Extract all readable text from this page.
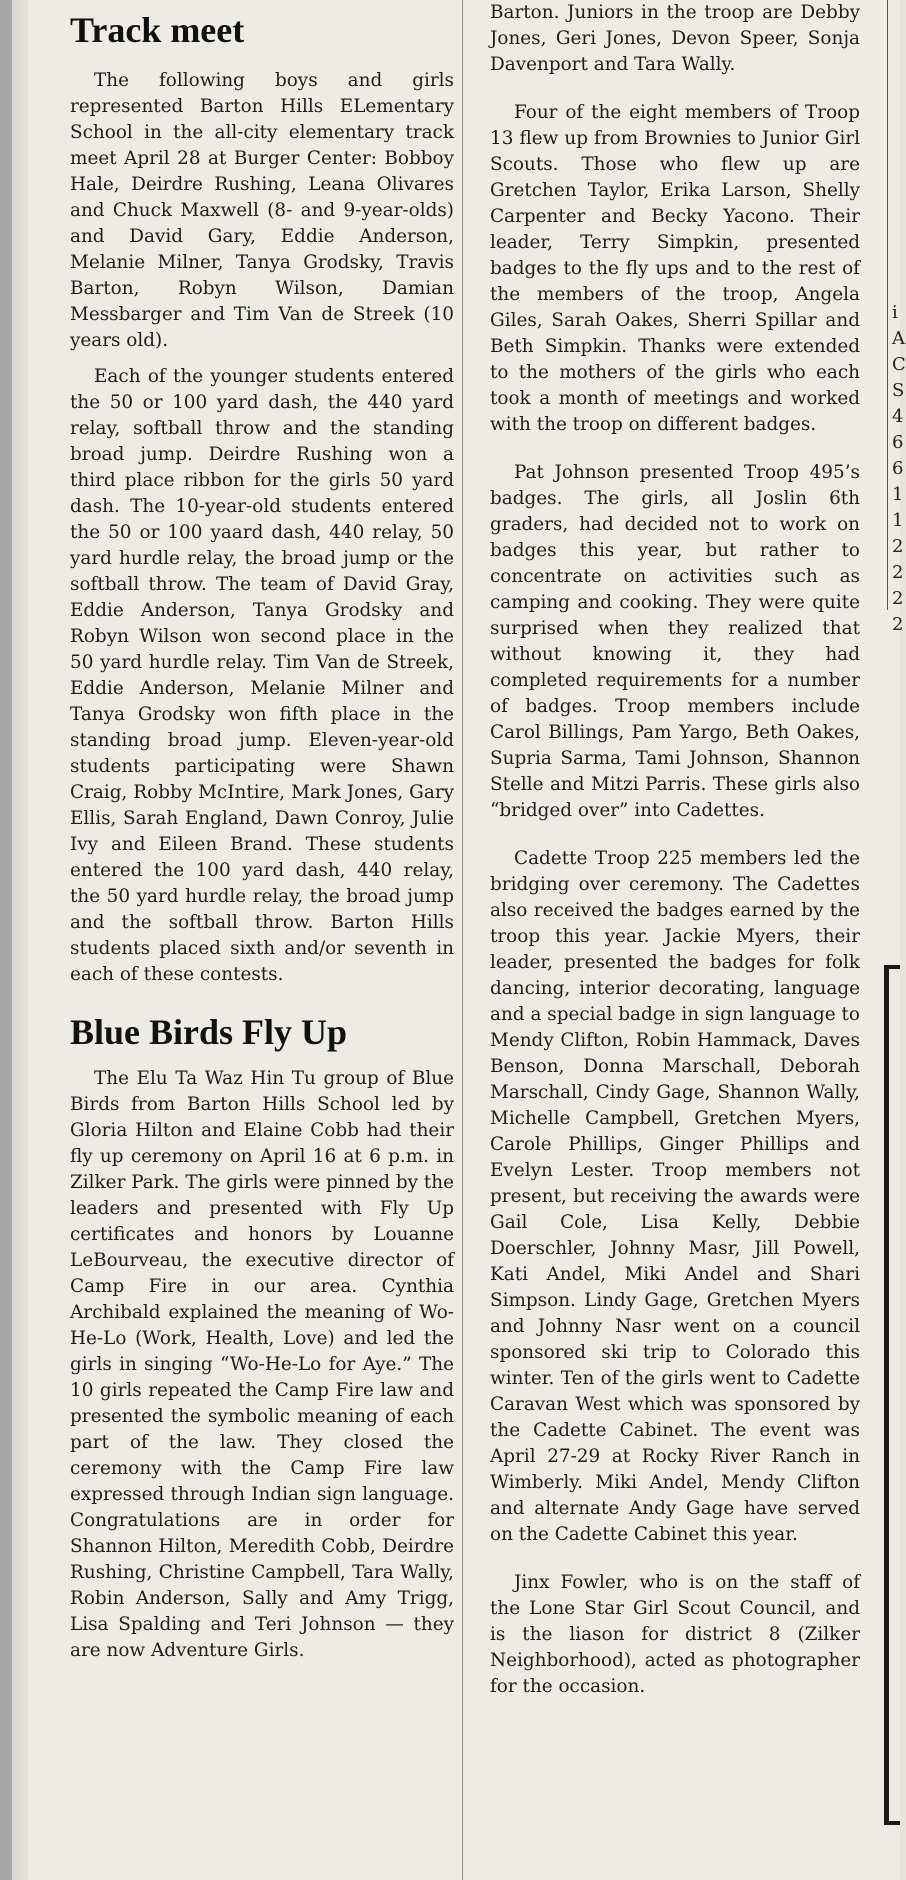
i A C S 4 6 6 1 1 2 2 2 2
Track meet

The following boys and girls represented Barton Hills ELementary School in the all-city elementary track meet April 28 at Burger Center: Bobboy Hale, Deirdre Rushing, Leana Olivares and Chuck Maxwell (8- and 9-year-olds) and David Gary, Eddie Anderson, Melanie Milner, Tanya Grodsky, Travis Barton, Robyn Wilson, Damian Messbarger and Tim Van de Streek (10 years old).

Each of the younger students entered the 50 or 100 yard dash, the 440 yard relay, softball throw and the standing broad jump. Deirdre Rushing won a third place ribbon for the girls 50 yard dash. The 10-year-old students entered the 50 or 100 yaard dash, 440 relay, 50 yard hurdle relay, the broad jump or the softball throw. The team of David Gray, Eddie Anderson, Tanya Grodsky and Robyn Wilson won second place in the 50 yard hurdle relay. Tim Van de Streek, Eddie Anderson, Melanie Milner and Tanya Grodsky won fifth place in the standing broad jump. Eleven-year-old students participating were Shawn Craig, Robby McIntire, Mark Jones, Gary Ellis, Sarah England, Dawn Conroy, Julie Ivy and Eileen Brand. These students entered the 100 yard dash, 440 relay, the 50 yard hurdle relay, the broad jump and the softball throw. Barton Hills students placed sixth and/or seventh in each of these contests.

Blue Birds Fly Up

The Elu Ta Waz Hin Tu group of Blue Birds from Barton Hills School led by Gloria Hilton and Elaine Cobb had their fly up ceremony on April 16 at 6 p.m. in Zilker Park. The girls were pinned by the leaders and presented with Fly Up certificates and honors by Louanne LeBourveau, the executive director of Camp Fire in our area. Cynthia Archibald explained the meaning of Wo-He-Lo (Work, Health, Love) and led the girls in singing “Wo-He-Lo for Aye.” The 10 girls repeated the Camp Fire law and presented the symbolic meaning of each part of the law. They closed the ceremony with the Camp Fire law expressed through Indian sign language. Congratulations are in order for Shannon Hilton, Meredith Cobb, Deirdre Rushing, Christine Campbell, Tara Wally, Robin Anderson, Sally and Amy Trigg, Lisa Spalding and Teri Johnson — they are now Adventure Girls.

Barton. Juniors in the troop are Debby Jones, Geri Jones, Devon Speer, Sonja Davenport and Tara Wally.

Four of the eight members of Troop 13 flew up from Brownies to Junior Girl Scouts. Those who flew up are Gretchen Taylor, Erika Larson, Shelly Carpenter and Becky Yacono. Their leader, Terry Simpkin, presented badges to the fly ups and to the rest of the members of the troop, Angela Giles, Sarah Oakes, Sherri Spillar and Beth Simpkin. Thanks were extended to the mothers of the girls who each took a month of meetings and worked with the troop on different badges.

Pat Johnson presented Troop 495’s badges. The girls, all Joslin 6th graders, had decided not to work on badges this year, but rather to concentrate on activities such as camping and cooking. They were quite surprised when they realized that without knowing it, they had completed requirements for a number of badges. Troop members include Carol Billings, Pam Yargo, Beth Oakes, Supria Sarma, Tami Johnson, Shannon Stelle and Mitzi Parris. These girls also “bridged over” into Cadettes.

Cadette Troop 225 members led the bridging over ceremony. The Cadettes also received the badges earned by the troop this year. Jackie Myers, their leader, presented the badges for folk dancing, interior decorating, language and a special badge in sign language to Mendy Clifton, Robin Hammack, Daves Benson, Donna Marschall, Deborah Marschall, Cindy Gage, Shannon Wally, Michelle Campbell, Gretchen Myers, Carole Phillips, Ginger Phillips and Evelyn Lester. Troop members not present, but receiving the awards were Gail Cole, Lisa Kelly, Debbie Doerschler, Johnny Masr, Jill Powell, Kati Andel, Miki Andel and Shari Simpson. Lindy Gage, Gretchen Myers and Johnny Nasr went on a council sponsored ski trip to Colorado this winter. Ten of the girls went to Cadette Caravan West which was sponsored by the Cadette Cabinet. The event was April 27-29 at Rocky River Ranch in Wimberly. Miki Andel, Mendy Clifton and alternate Andy Gage have served on the Cadette Cabinet this year.

Jinx Fowler, who is on the staff of the Lone Star Girl Scout Council, and is the liason for district 8 (Zilker Neighborhood), acted as photographer for the occasion.
